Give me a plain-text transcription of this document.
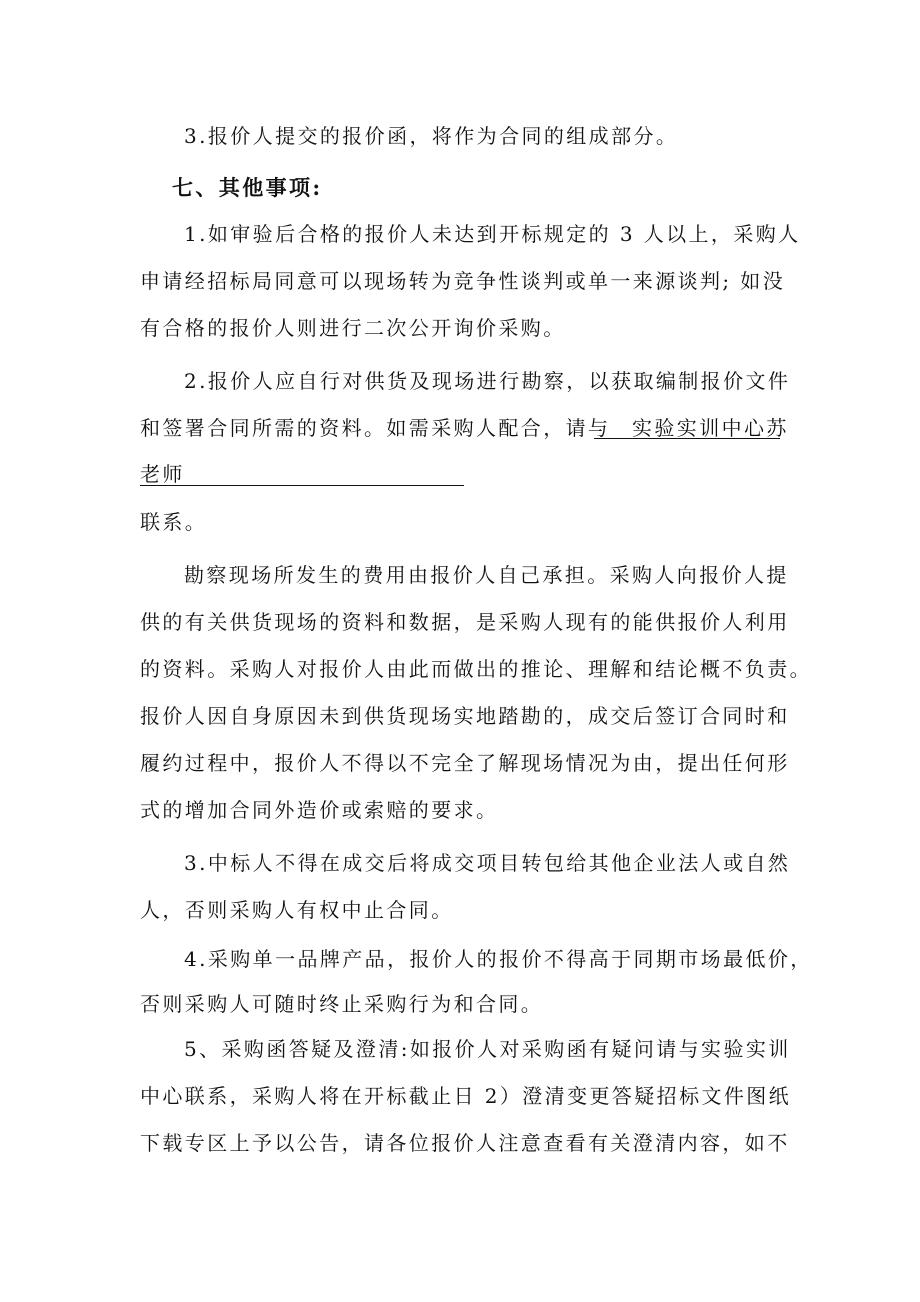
3.报价人提交的报价函，将作为合同的组成部分。
七、其他事项:
1.如审验后合格的报价人未达到开标规定的 3 人以上，采购人
申请经招标局同意可以现场转为竞争性谈判或单一来源谈判; 如没
有合格的报价人则进行二次公开询价采购。
2.报价人应自行对供货及现场进行勘察，以获取编制报价文件
和签署合同所需的资料。如需采购人配合，请与 实验实训中心苏
老师
联系。
勘察现场所发生的费用由报价人自己承担。采购人向报价人提
供的有关供货现场的资料和数据，是采购人现有的能供报价人利用
的资料。采购人对报价人由此而做出的推论、理解和结论概不负责。
报价人因自身原因未到供货现场实地踏勘的，成交后签订合同时和
履约过程中，报价人不得以不完全了解现场情况为由，提出任何形
式的增加合同外造价或索赔的要求。
3.中标人不得在成交后将成交项目转包给其他企业法人或自然
人，否则采购人有权中止合同。
4.采购单一品牌产品，报价人的报价不得高于同期市场最低价，
否则采购人可随时终止采购行为和合同。
5、采购函答疑及澄清:如报价人对采购函有疑问请与实验实训
中心联系，采购人将在开标截止日 2）澄清变更答疑招标文件图纸
下载专区上予以公告，请各位报价人注意查看有关澄清内容，如不
